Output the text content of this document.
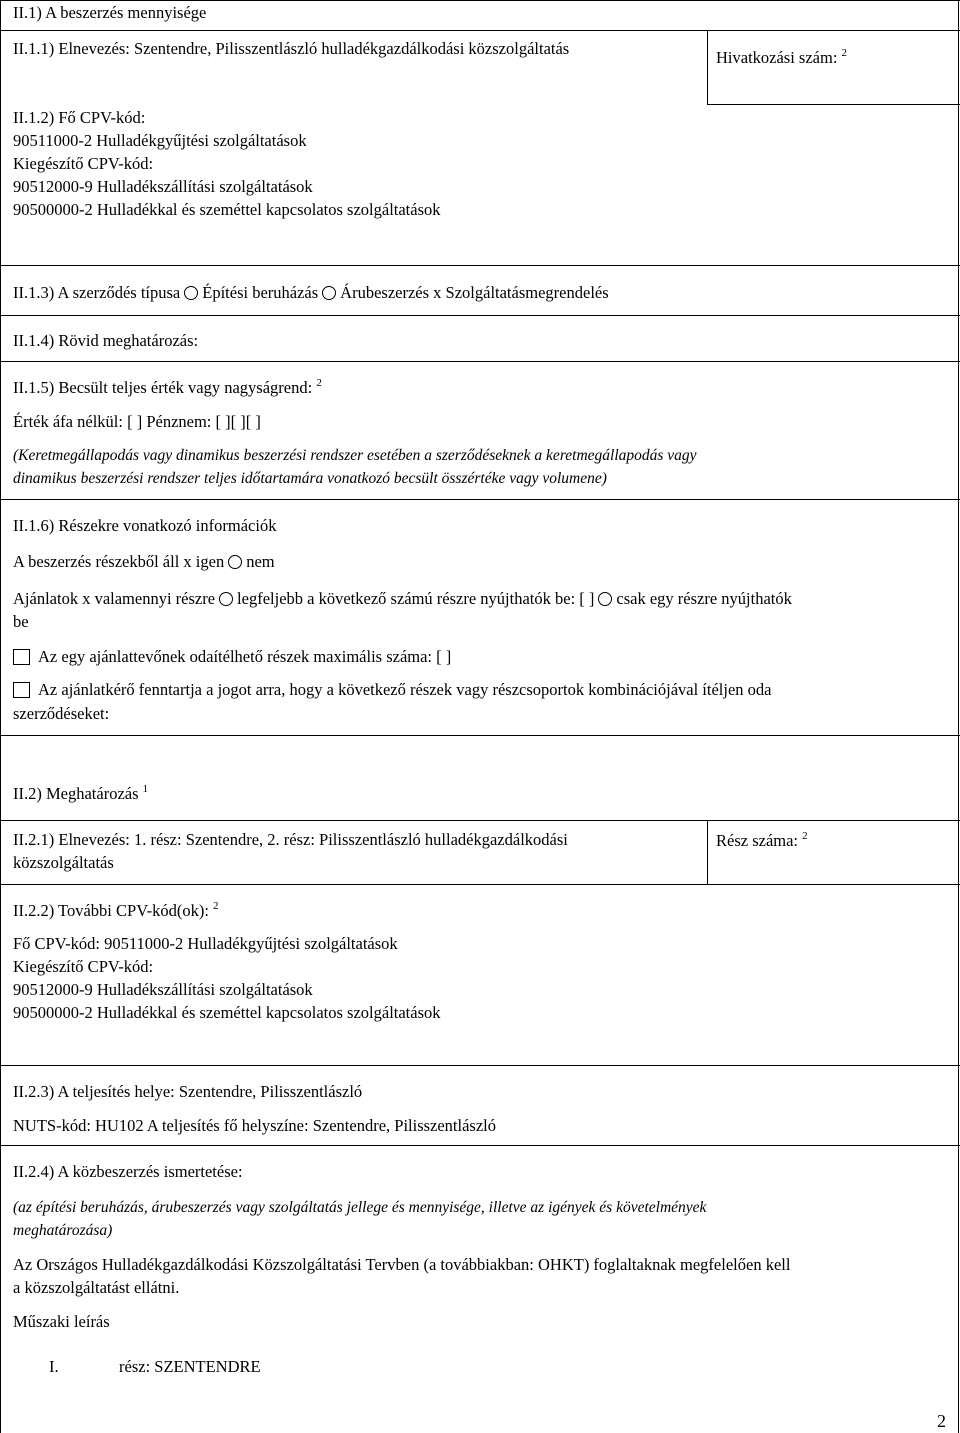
II.1) A beszerzés mennyisége
II.1.1) Elnevezés: Szentendre, Pilisszentlászló hulladékgazdálkodási közszolgáltatás	Hivatkozási szám: $^2$
II.1.2) Fő CPV-kód:
90511000-2 Hulladékgyűjtési szolgáltatások
Kiegészítő CPV-kód:
90512000-9 Hulladékszállítási szolgáltatások
90500000-2 Hulladékkal és szeméttel kapcsolatos szolgáltatások
II.1.3) A szerződés típusa Építési beruházás Árubeszerzés x Szolgáltatásmegrendelés
II.1.4) Rövid meghatározás:
II.1.5) Becsült teljes érték vagy nagyságrend: $^2$
Érték áfa nélkül: [ ] Pénznem: [ ][ ][ ]
(Keretmegállapodás vagy dinamikus beszerzési rendszer esetében a szerződéseknek a keretmegállapodás vagy
dinamikus beszerzési rendszer teljes időtartamára vonatkozó becsült összértéke vagy volumene)
II.1.6) Részekre vonatkozó információk
A beszerzés részekből áll x igen nem
Ajánlatok x valamennyi részre legfeljebb a következő számú részre nyújthatók be: [ ] csak egy részre nyújthatók
be
Az egy ajánlattevőnek odaítélhető részek maximális száma: [ ]
Az ajánlatkérő fenntartja a jogot arra, hogy a következő részek vagy részcsoportok kombinációjával ítéljen oda
szerződéseket:
II.2) Meghatározás $^1$
II.2.1) Elnevezés: 1. rész: Szentendre, 2. rész: Pilisszentlászló hulladékgazdálkodási
közszolgáltatás
Rész száma: $^2$
II.2.2) További CPV-kód(ok): $^2$
Fő CPV-kód: 90511000-2 Hulladékgyűjtési szolgáltatások
Kiegészítő CPV-kód:
90512000-9 Hulladékszállítási szolgáltatások
90500000-2 Hulladékkal és szeméttel kapcsolatos szolgáltatások
II.2.3) A teljesítés helye: Szentendre, Pilisszentlászló
NUTS-kód: HU102 A teljesítés fő helyszíne: Szentendre, Pilisszentlászló
II.2.4) A közbeszerzés ismertetése:
(az építési beruházás, árubeszerzés vagy szolgáltatás jellege és mennyisége, illetve az igények és követelmények
meghatározása)
Az Országos Hulladékgazdálkodási Közszolgáltatási Tervben (a továbbiakban: OHKT) foglaltaknak megfelelően kell
a közszolgáltatást ellátni.
Műszaki leírás
I.	rész: SZENTENDRE
2
